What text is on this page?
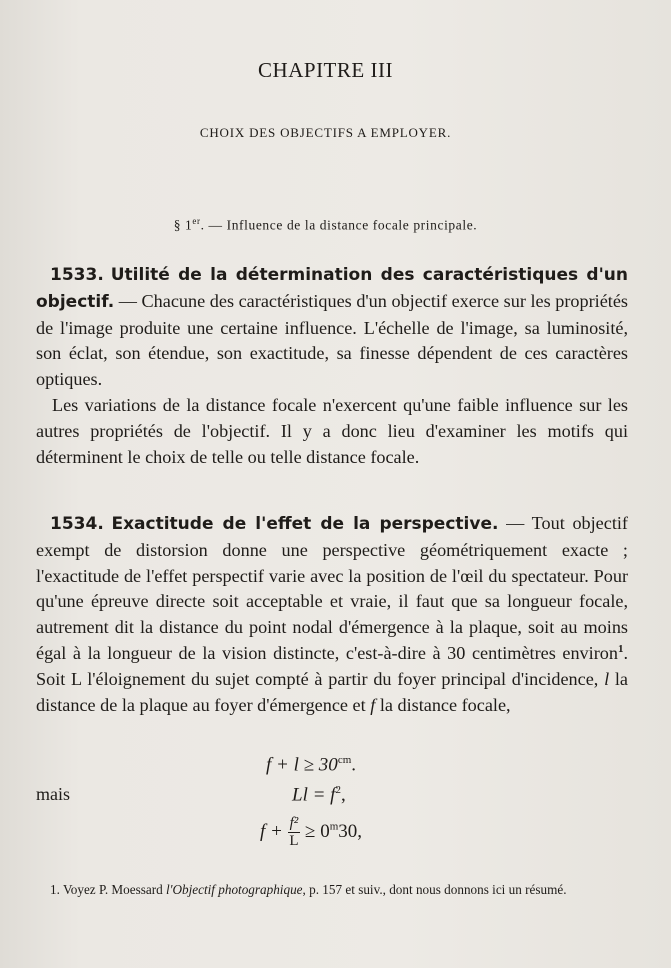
CHAPITRE III
CHOIX DES OBJECTIFS A EMPLOYER.
§ 1er. — Influence de la distance focale principale.

1533. Utilité de la détermination des caractéristiques d'un objectif. — Chacune des caractéristiques d'un objectif exerce sur les propriétés de l'image produite une certaine influence. L'échelle de l'image, sa luminosité, son éclat, son étendue, son exactitude, sa finesse dépendent de ces caractères optiques.

Les variations de la distance focale n'exercent qu'une faible influence sur les autres propriétés de l'objectif. Il y a donc lieu d'examiner les motifs qui déterminent le choix de telle ou telle distance focale.

1534. Exactitude de l'effet de la perspective. — Tout objectif exempt de distorsion donne une perspective géométriquement exacte ; l'exactitude de l'effet perspectif varie avec la position de l'œil du spectateur. Pour qu'une épreuve directe soit acceptable et vraie, il faut que sa longueur focale, autrement dit la distance du point nodal d'émergence à la plaque, soit au moins égal à la longueur de la vision distincte, c'est-à-dire à 30 centimètres environ$^1$. Soit L l'éloignement du sujet compté à partir du foyer principal d'incidence, l la distance de la plaque au foyer d'émergence et f la distance focale,

$f + l \ge 30^{cm}$.
mais	$Ll = f^2$,
$f + \frac{\text{f²}}{L} \ge 0^m30$,

1. Voyez P. Moessard l'Objectif photographique, p. 157 et suiv., dont nous donnons ici un résumé.
